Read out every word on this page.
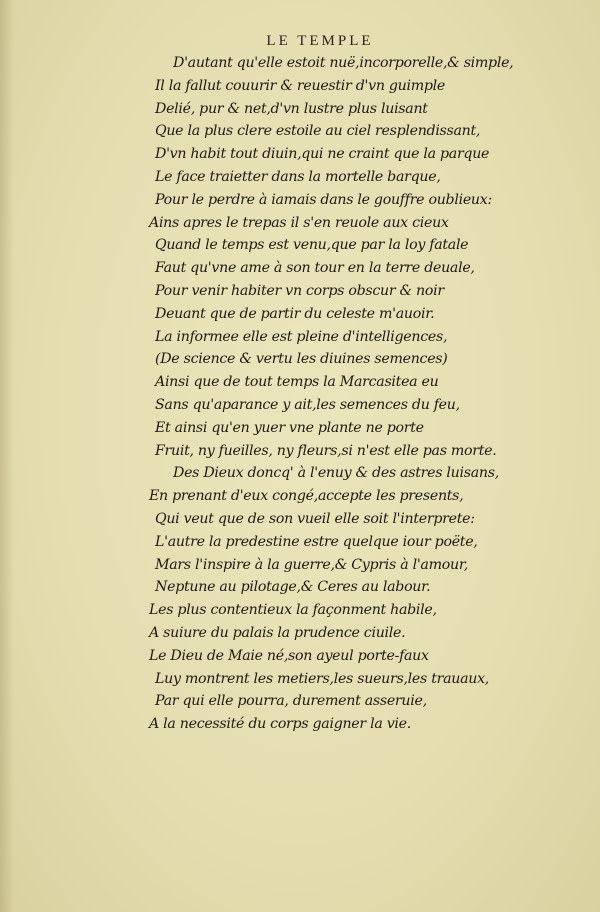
LE TEMPLE
D'autant qu'elle estoit nuë,incorporelle,& simple,
Il la fallut couurir & reuestir d'vn guimple
Delié, pur & net,d'vn lustre plus luisant
Que la plus clere estoile au ciel resplendissant,
D'vn habit tout diuin,qui ne craint que la parque
Le face traietter dans la mortelle barque,
Pour le perdre à iamais dans le gouffre oublieux:
Ains apres le trepas il s'en reuole aux cieux
Quand le temps est venu,que par la loy fatale
Faut qu'vne ame à son tour en la terre deuale,
Pour venir habiter vn corps obscur & noir
Deuant que de partir du celeste m'auoir.
La informee elle est pleine d'intelligences,
(De science & vertu les diuines semences)
Ainsi que de tout temps la Marcasitea eu
Sans qu'aparance y ait,les semences du feu,
Et ainsi qu'en yuer vne plante ne porte
Fruit, ny fueilles, ny fleurs,si n'est elle pas morte.
Des Dieux doncq' à l'enuy & des astres luisans,
En prenant d'eux congé,accepte les presents,
Qui veut que de son vueil elle soit l'interprete:
L'autre la predestine estre quelque iour poëte,
Mars l'inspire à la guerre,& Cypris à l'amour,
Neptune au pilotage,& Ceres au labour.
Les plus contentieux la façonment habile,
A suiure du palais la prudence ciuile.
Le Dieu de Maie né,son ayeul porte-faux
Luy montrent les metiers,les sueurs,les trauaux,
Par qui elle pourra, durement asseruie,
A la necessité du corps gaigner la vie.
